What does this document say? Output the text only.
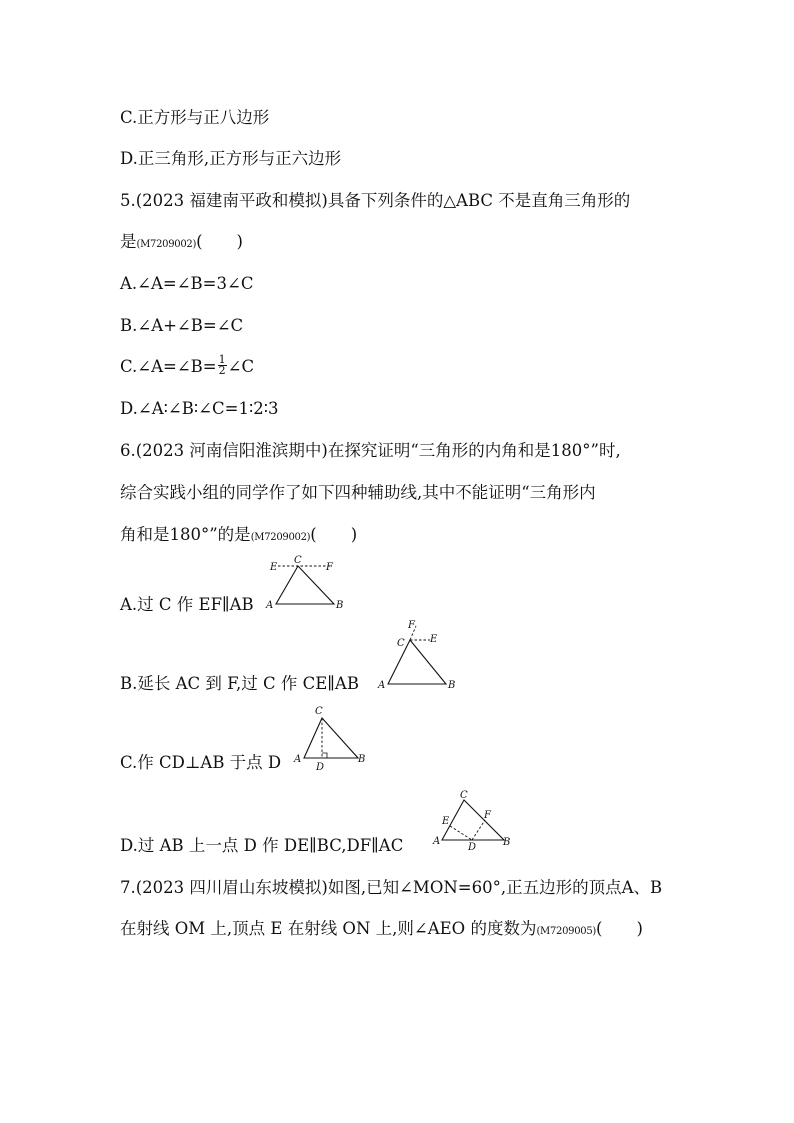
C.正方形与正八边形
D.正三角形,正方形与正六边形
5.(2023 福建南平政和模拟)具备下列条件的△ABC 不是直角三角形的
是(M7209002)( )
A.∠A=∠B=3∠C
B.∠A+∠B=∠C
C.∠A=∠B= $\frac{1}{2}$ ∠C
D.∠A∶∠B∶∠C=1∶2∶3
6.(2023 河南信阳淮滨期中)在探究证明“三角形的内角和是180°”时,
综合实践小组的同学作了如下四种辅助线,其中不能证明“三角形内
角和是180°”的是(M7209002)( )
A.过 C 作 EF∥AB
E
C
F
A	B
B.延长 AC 到 F,过 C 作 CE∥AB
F
C	E
A	B
C.作 CD⊥AB 于点 D
C
A	B
D
D.过 AB 上一点 D 作 DE∥BC,DF∥AC
C
E
F
A	B
D
7.(2023 四川眉山东坡模拟)如图,已知∠MON=60°,正五边形的顶点A、B
在射线 OM 上,顶点 E 在射线 ON 上,则∠AEO 的度数为(M7209005)( )
